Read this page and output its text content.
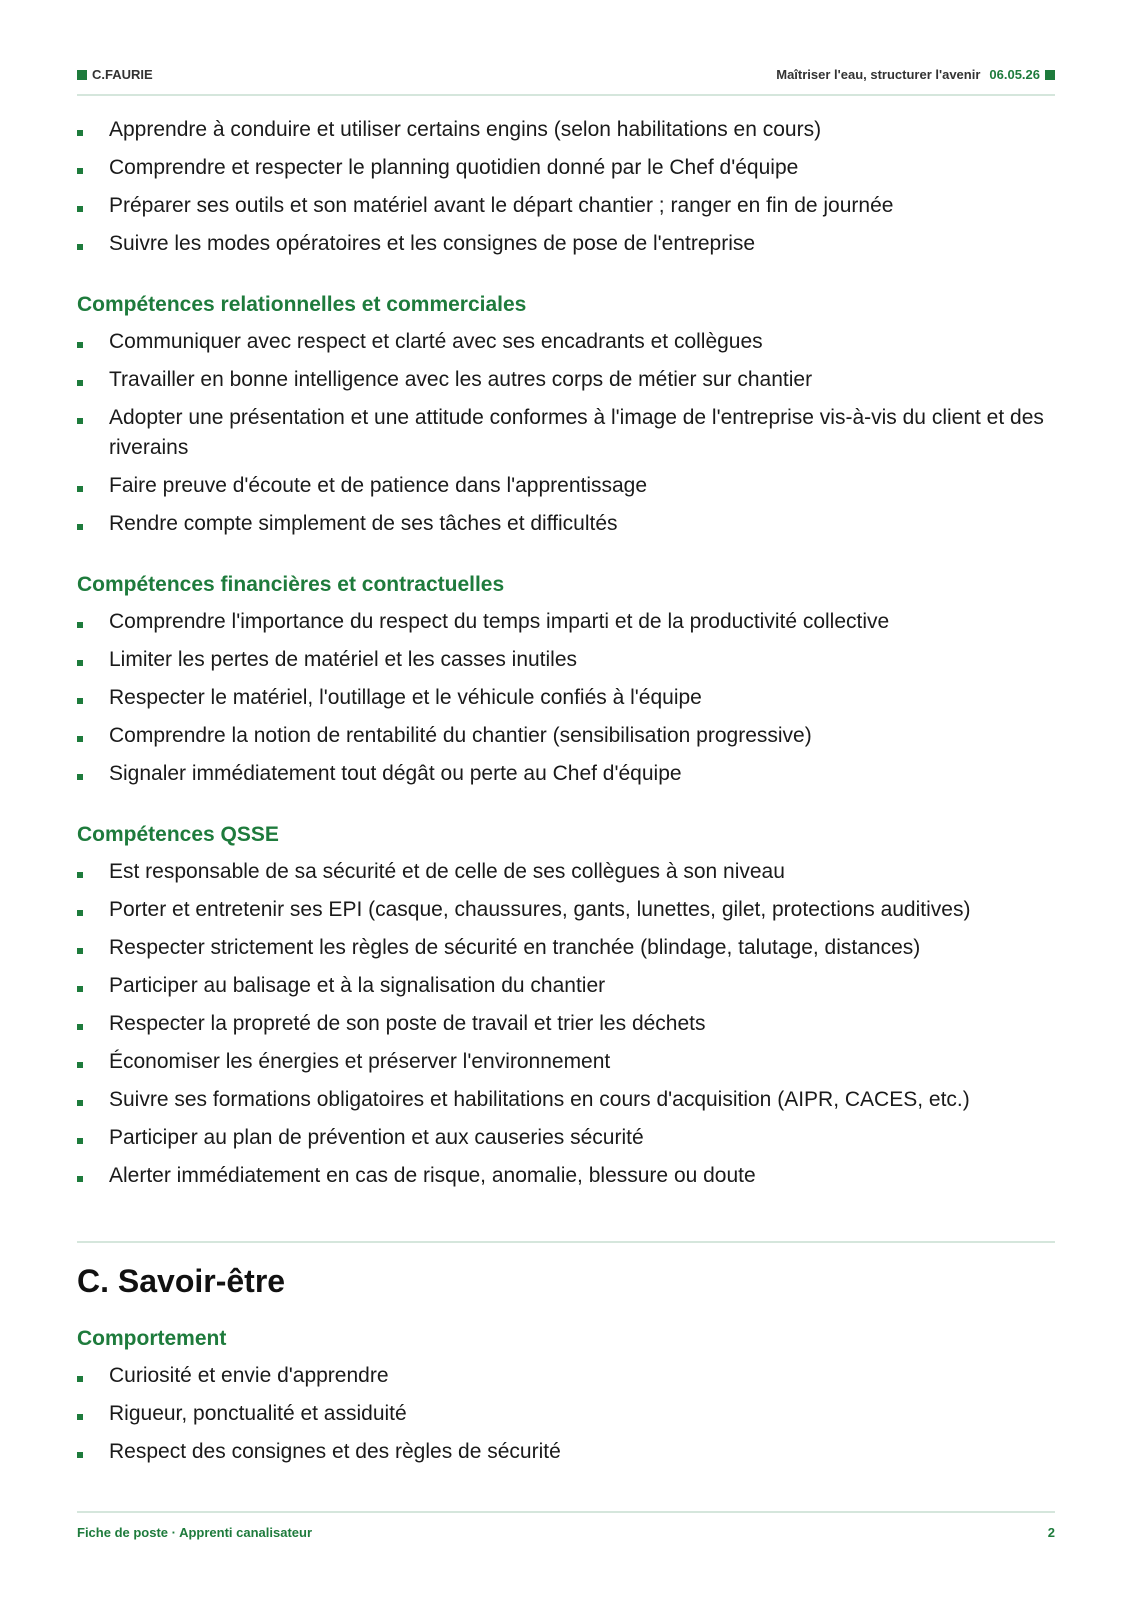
C.FAURIE	Maîtriser l'eau, structurer l'avenir 06.05.26
Apprendre à conduire et utiliser certains engins (selon habilitations en cours)
Comprendre et respecter le planning quotidien donné par le Chef d'équipe
Préparer ses outils et son matériel avant le départ chantier ; ranger en fin de journée
Suivre les modes opératoires et les consignes de pose de l'entreprise
Compétences relationnelles et commerciales
Communiquer avec respect et clarté avec ses encadrants et collègues
Travailler en bonne intelligence avec les autres corps de métier sur chantier
Adopter une présentation et une attitude conformes à l'image de l'entreprise vis-à-vis du client et des riverains
Faire preuve d'écoute et de patience dans l'apprentissage
Rendre compte simplement de ses tâches et difficultés
Compétences financières et contractuelles
Comprendre l'importance du respect du temps imparti et de la productivité collective
Limiter les pertes de matériel et les casses inutiles
Respecter le matériel, l'outillage et le véhicule confiés à l'équipe
Comprendre la notion de rentabilité du chantier (sensibilisation progressive)
Signaler immédiatement tout dégât ou perte au Chef d'équipe
Compétences QSSE
Est responsable de sa sécurité et de celle de ses collègues à son niveau
Porter et entretenir ses EPI (casque, chaussures, gants, lunettes, gilet, protections auditives)
Respecter strictement les règles de sécurité en tranchée (blindage, talutage, distances)
Participer au balisage et à la signalisation du chantier
Respecter la propreté de son poste de travail et trier les déchets
Économiser les énergies et préserver l'environnement
Suivre ses formations obligatoires et habilitations en cours d'acquisition (AIPR, CACES, etc.)
Participer au plan de prévention et aux causeries sécurité
Alerter immédiatement en cas de risque, anomalie, blessure ou doute
C. Savoir-être
Comportement
Curiosité et envie d'apprendre
Rigueur, ponctualité et assiduité
Respect des consignes et des règles de sécurité
Fiche de poste · Apprenti canalisateur	2
